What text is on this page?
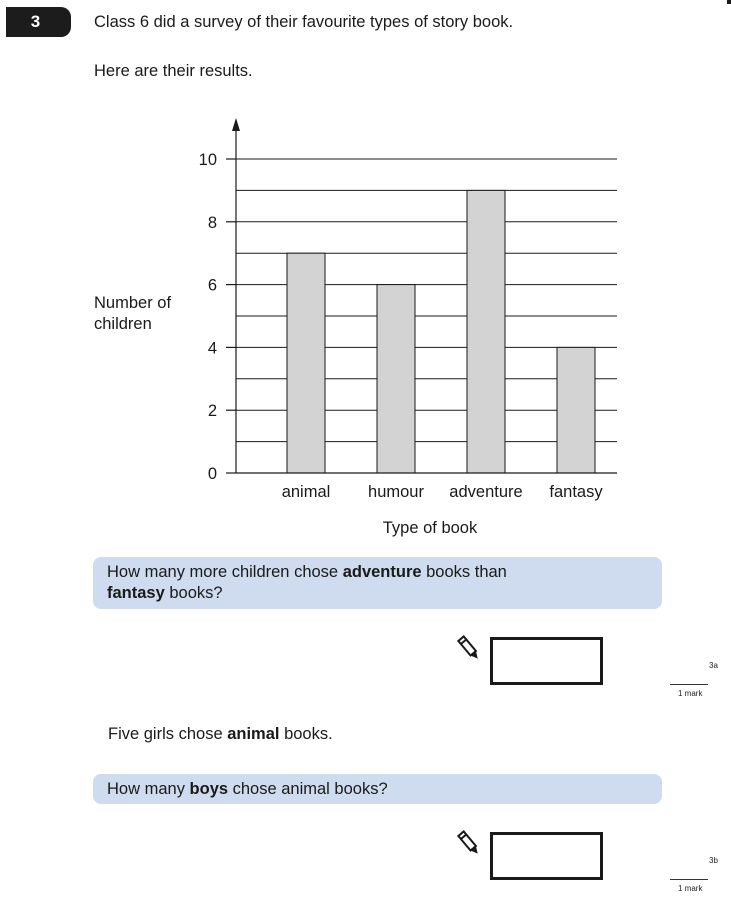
3	Class 6 did a survey of their favourite types of story book.
Here are their results.
0
2
4
6
8
10
animal humour adventure fantasy
Number of
children
Type of book
How many more children chose adventure books than
fantasy books?
3a
1 mark
Five girls chose animal books.
How many boys chose animal books?
3b
1 mark
